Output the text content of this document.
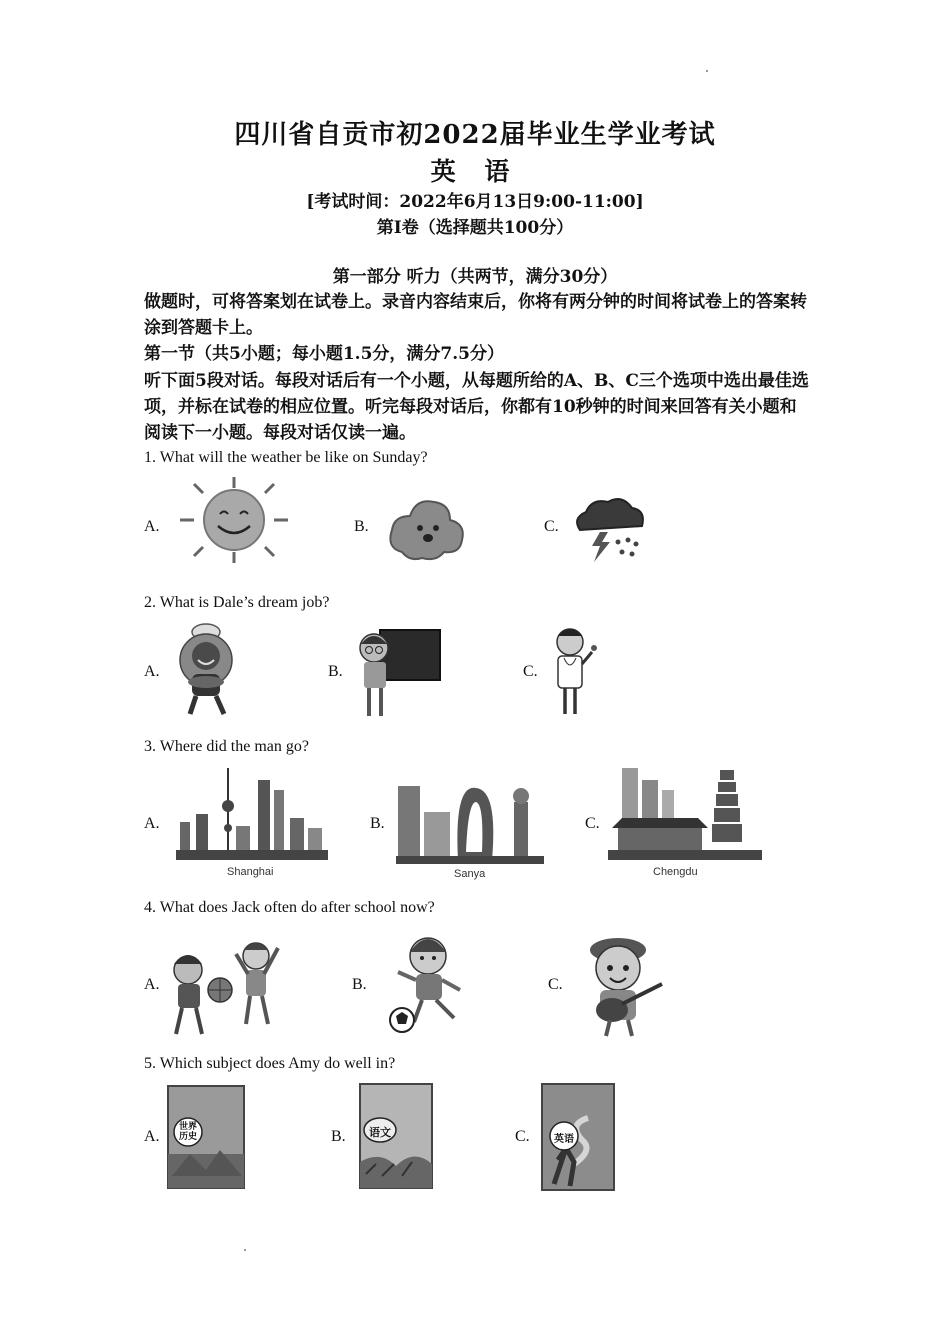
四川省自贡市初2022届毕业生学业考试
英 语
[考试时间：2022年6月13日9:00-11:00]
第Ⅰ卷（选择题共100分）
第一部分 听力（共两节，满分30分）
做题时，可将答案划在试卷上。录音内容结束后，你将有两分钟的时间将试卷上的答案转涂到答题卡上。
第一节（共5小题；每小题1.5分，满分7.5分）
听下面5段对话。每段对话后有一个小题，从每题所给的A、B、C三个选项中选出最佳选项，并标在试卷的相应位置。听完每段对话后，你都有10秒钟的时间来回答有关小题和阅读下一小题。每段对话仅读一遍。
1. What will the weather be like on Sunday?
A.	B.	C.
2. What is Dale’s dream job?
A.	B.	C.
3. Where did the man go?
A.	B.	C.
Shanghai	Sanya	Chengdu
4. What does Jack often do after school now?
A.	B.	C.
5. Which subject does Amy do well in?
A.	B.	C.
世界历史	语文
英语
